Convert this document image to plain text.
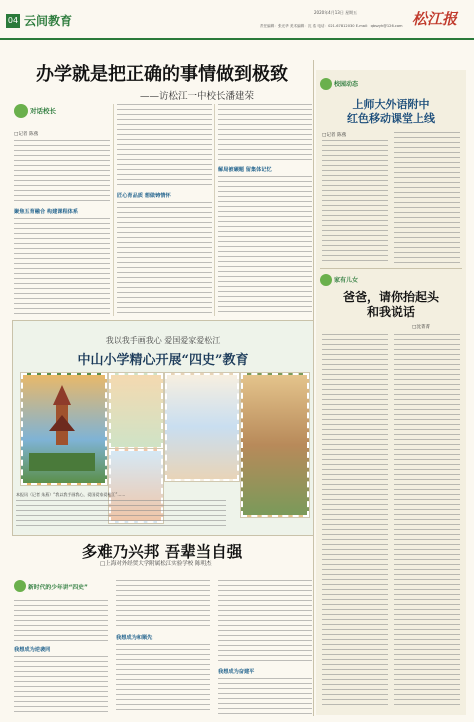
04 云间教育
2020年4月13日 星期五
责任编辑：张光华 美术编辑：沈 浩 电话：021-67812030 E-mail：qbszyh@126.com 松江报
办学就是把正确的事情做到极致
——访松江一中校长潘建荣
对话校长
□记者 陈燕
聚焦五育融合 构建课程体系
匠心育品质 想做铸情怀
解局被碾题 留集体记忆
我以我手画我心 爱国爱家爱松江
中山小学精心开展“四史”教育
本报讯（记者 朱燕）“我以我手画我心，爱国爱家爱松江”……
多难乃兴邦 吾辈当自强
□上海对外经贸大学附属松江实验学校 陈明杰
新时代的少年讲“四史”
我想成为逆袭同
我想成为和顺先
我想成为奋建平
校园动态
上师大外语附中
红色移动课堂上线
□记者 陈燕
家有儿女
爸爸，请你抬起头
和我说话
□沈菁菁
